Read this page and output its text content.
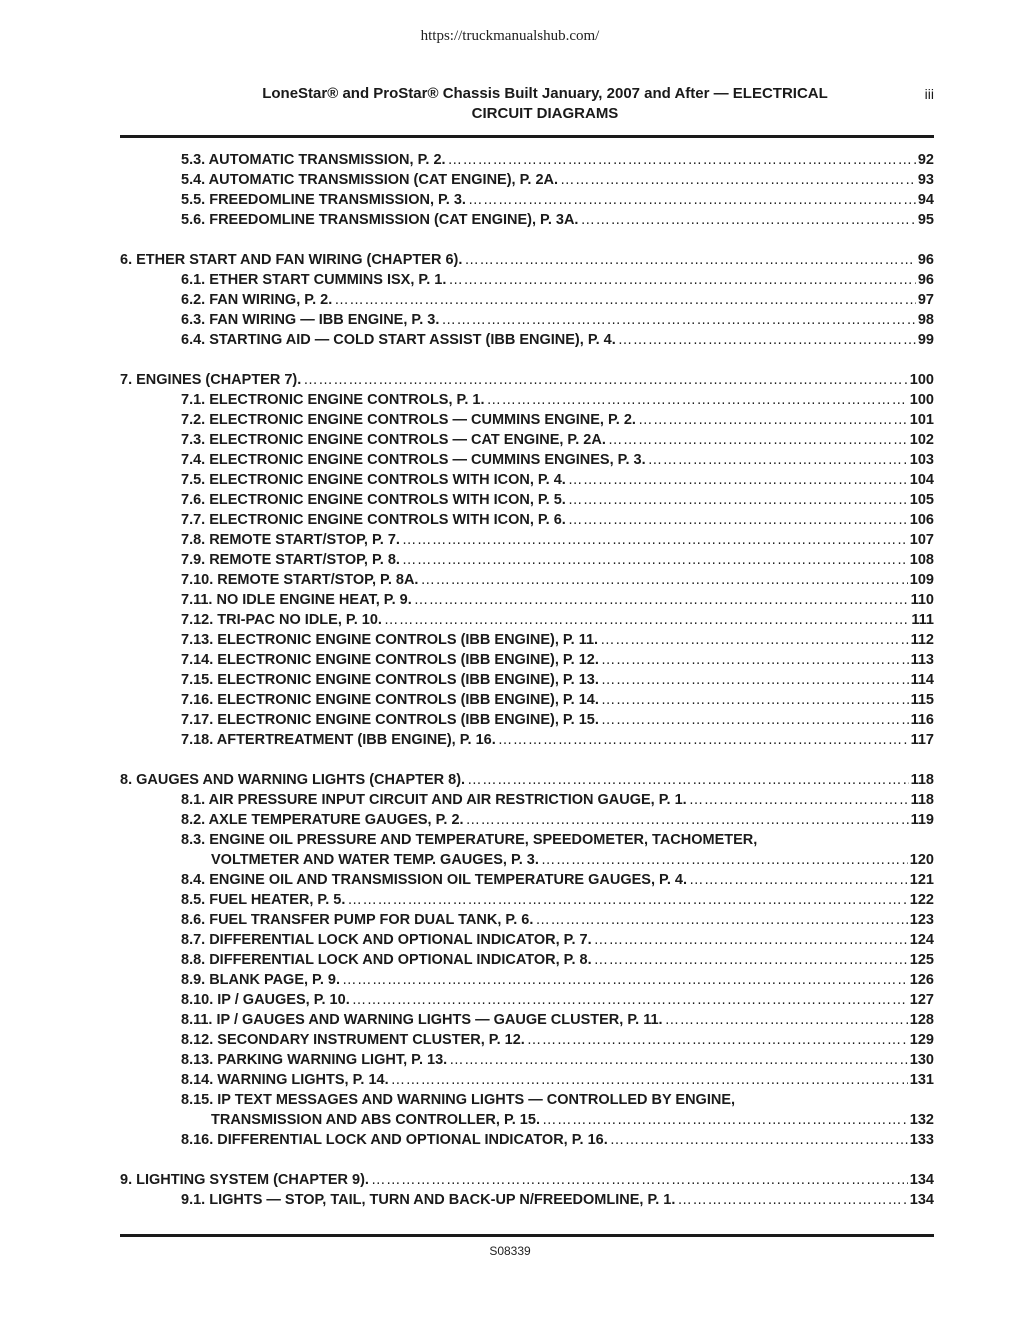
https://truckmanualshub.com/
LoneStar® and ProStar® Chassis Built January, 2007 and After — ELECTRICAL
CIRCUIT DIAGRAMS
iii
5.3. AUTOMATIC TRANSMISSION, P. 2. ………………………………………………………………………………………………………………………………………………………………………………………………………………………………	92
5.4. AUTOMATIC TRANSMISSION (CAT ENGINE), P. 2A. ………………………………………………………………………………………………………………………………………………………………………………………………………………………………	93
5.5. FREEDOMLINE TRANSMISSION, P. 3. ………………………………………………………………………………………………………………………………………………………………………………………………………………………………	94
5.6. FREEDOMLINE TRANSMISSION (CAT ENGINE), P. 3A. ………………………………………………………………………………………………………………………………………………………………………………………………………………………………	95
6. ETHER START AND FAN WIRING (CHAPTER 6). ………………………………………………………………………………………………………………………………………………………………………………………………………………………………	96
6.1. ETHER START CUMMINS ISX, P. 1. ………………………………………………………………………………………………………………………………………………………………………………………………………………………………	96
6.2. FAN WIRING, P. 2. ………………………………………………………………………………………………………………………………………………………………………………………………………………………………	97
6.3. FAN WIRING — IBB ENGINE, P. 3. ………………………………………………………………………………………………………………………………………………………………………………………………………………………………	98
6.4. STARTING AID — COLD START ASSIST (IBB ENGINE), P. 4. ………………………………………………………………………………………………………………………………………………………………………………………………………………………………	99
7. ENGINES (CHAPTER 7). ………………………………………………………………………………………………………………………………………………………………………………………………………………………………	100
7.1. ELECTRONIC ENGINE CONTROLS, P. 1. ………………………………………………………………………………………………………………………………………………………………………………………………………………………………	100
7.2. ELECTRONIC ENGINE CONTROLS — CUMMINS ENGINE, P. 2. ………………………………………………………………………………………………………………………………………………………………………………………………………………………………	101
7.3. ELECTRONIC ENGINE CONTROLS — CAT ENGINE, P. 2A. ………………………………………………………………………………………………………………………………………………………………………………………………………………………………	102
7.4. ELECTRONIC ENGINE CONTROLS — CUMMINS ENGINES, P. 3. ………………………………………………………………………………………………………………………………………………………………………………………………………………………………	103
7.5. ELECTRONIC ENGINE CONTROLS WITH ICON, P. 4. ………………………………………………………………………………………………………………………………………………………………………………………………………………………………	104
7.6. ELECTRONIC ENGINE CONTROLS WITH ICON, P. 5. ………………………………………………………………………………………………………………………………………………………………………………………………………………………………	105
7.7. ELECTRONIC ENGINE CONTROLS WITH ICON, P. 6. ………………………………………………………………………………………………………………………………………………………………………………………………………………………………	106
7.8. REMOTE START/STOP, P. 7. ………………………………………………………………………………………………………………………………………………………………………………………………………………………………	107
7.9. REMOTE START/STOP, P. 8. ………………………………………………………………………………………………………………………………………………………………………………………………………………………………	108
7.10. REMOTE START/STOP, P. 8A. ………………………………………………………………………………………………………………………………………………………………………………………………………………………………	109
7.11. NO IDLE ENGINE HEAT, P. 9. ………………………………………………………………………………………………………………………………………………………………………………………………………………………………	110
7.12. TRI-PAC NO IDLE, P. 10. ………………………………………………………………………………………………………………………………………………………………………………………………………………………………	111
7.13. ELECTRONIC ENGINE CONTROLS (IBB ENGINE), P. 11. ………………………………………………………………………………………………………………………………………………………………………………………………………………………………	112
7.14. ELECTRONIC ENGINE CONTROLS (IBB ENGINE), P. 12. ………………………………………………………………………………………………………………………………………………………………………………………………………………………………	113
7.15. ELECTRONIC ENGINE CONTROLS (IBB ENGINE), P. 13. ………………………………………………………………………………………………………………………………………………………………………………………………………………………………	114
7.16. ELECTRONIC ENGINE CONTROLS (IBB ENGINE), P. 14. ………………………………………………………………………………………………………………………………………………………………………………………………………………………………	115
7.17. ELECTRONIC ENGINE CONTROLS (IBB ENGINE), P. 15. ………………………………………………………………………………………………………………………………………………………………………………………………………………………………	116
7.18. AFTERTREATMENT (IBB ENGINE), P. 16. ………………………………………………………………………………………………………………………………………………………………………………………………………………………………	117
8. GAUGES AND WARNING LIGHTS (CHAPTER 8). ………………………………………………………………………………………………………………………………………………………………………………………………………………………………	118
8.1. AIR PRESSURE INPUT CIRCUIT AND AIR RESTRICTION GAUGE, P. 1. ………………………………………………………………………………………………………………………………………………………………………………………………………………………………	118
8.2. AXLE TEMPERATURE GAUGES, P. 2. ………………………………………………………………………………………………………………………………………………………………………………………………………………………………	119
8.3. ENGINE OIL PRESSURE AND TEMPERATURE, SPEEDOMETER, TACHOMETER,
VOLTMETER AND WATER TEMP. GAUGES, P. 3. ………………………………………………………………………………………………………………………………………………………………………………………………………………………………	120
8.4. ENGINE OIL AND TRANSMISSION OIL TEMPERATURE GAUGES, P. 4. ………………………………………………………………………………………………………………………………………………………………………………………………………………………………	121
8.5. FUEL HEATER, P. 5. ………………………………………………………………………………………………………………………………………………………………………………………………………………………………	122
8.6. FUEL TRANSFER PUMP FOR DUAL TANK, P. 6. ………………………………………………………………………………………………………………………………………………………………………………………………………………………………	123
8.7. DIFFERENTIAL LOCK AND OPTIONAL INDICATOR, P. 7. ………………………………………………………………………………………………………………………………………………………………………………………………………………………………	124
8.8. DIFFERENTIAL LOCK AND OPTIONAL INDICATOR, P. 8. ………………………………………………………………………………………………………………………………………………………………………………………………………………………………	125
8.9. BLANK PAGE, P. 9. ………………………………………………………………………………………………………………………………………………………………………………………………………………………………	126
8.10. IP / GAUGES, P. 10. ………………………………………………………………………………………………………………………………………………………………………………………………………………………………	127
8.11. IP / GAUGES AND WARNING LIGHTS — GAUGE CLUSTER, P. 11. ………………………………………………………………………………………………………………………………………………………………………………………………………………………………	128
8.12. SECONDARY INSTRUMENT CLUSTER, P. 12. ………………………………………………………………………………………………………………………………………………………………………………………………………………………………	129
8.13. PARKING WARNING LIGHT, P. 13. ………………………………………………………………………………………………………………………………………………………………………………………………………………………………	130
8.14. WARNING LIGHTS, P. 14. ………………………………………………………………………………………………………………………………………………………………………………………………………………………………	131
8.15. IP TEXT MESSAGES AND WARNING LIGHTS — CONTROLLED BY ENGINE,
TRANSMISSION AND ABS CONTROLLER, P. 15. ………………………………………………………………………………………………………………………………………………………………………………………………………………………………	132
8.16. DIFFERENTIAL LOCK AND OPTIONAL INDICATOR, P. 16. ………………………………………………………………………………………………………………………………………………………………………………………………………………………………	133
9. LIGHTING SYSTEM (CHAPTER 9). ………………………………………………………………………………………………………………………………………………………………………………………………………………………………	134
9.1. LIGHTS — STOP, TAIL, TURN AND BACK-UP N/FREEDOMLINE, P. 1. ………………………………………………………………………………………………………………………………………………………………………………………………………………………………	134
S08339
